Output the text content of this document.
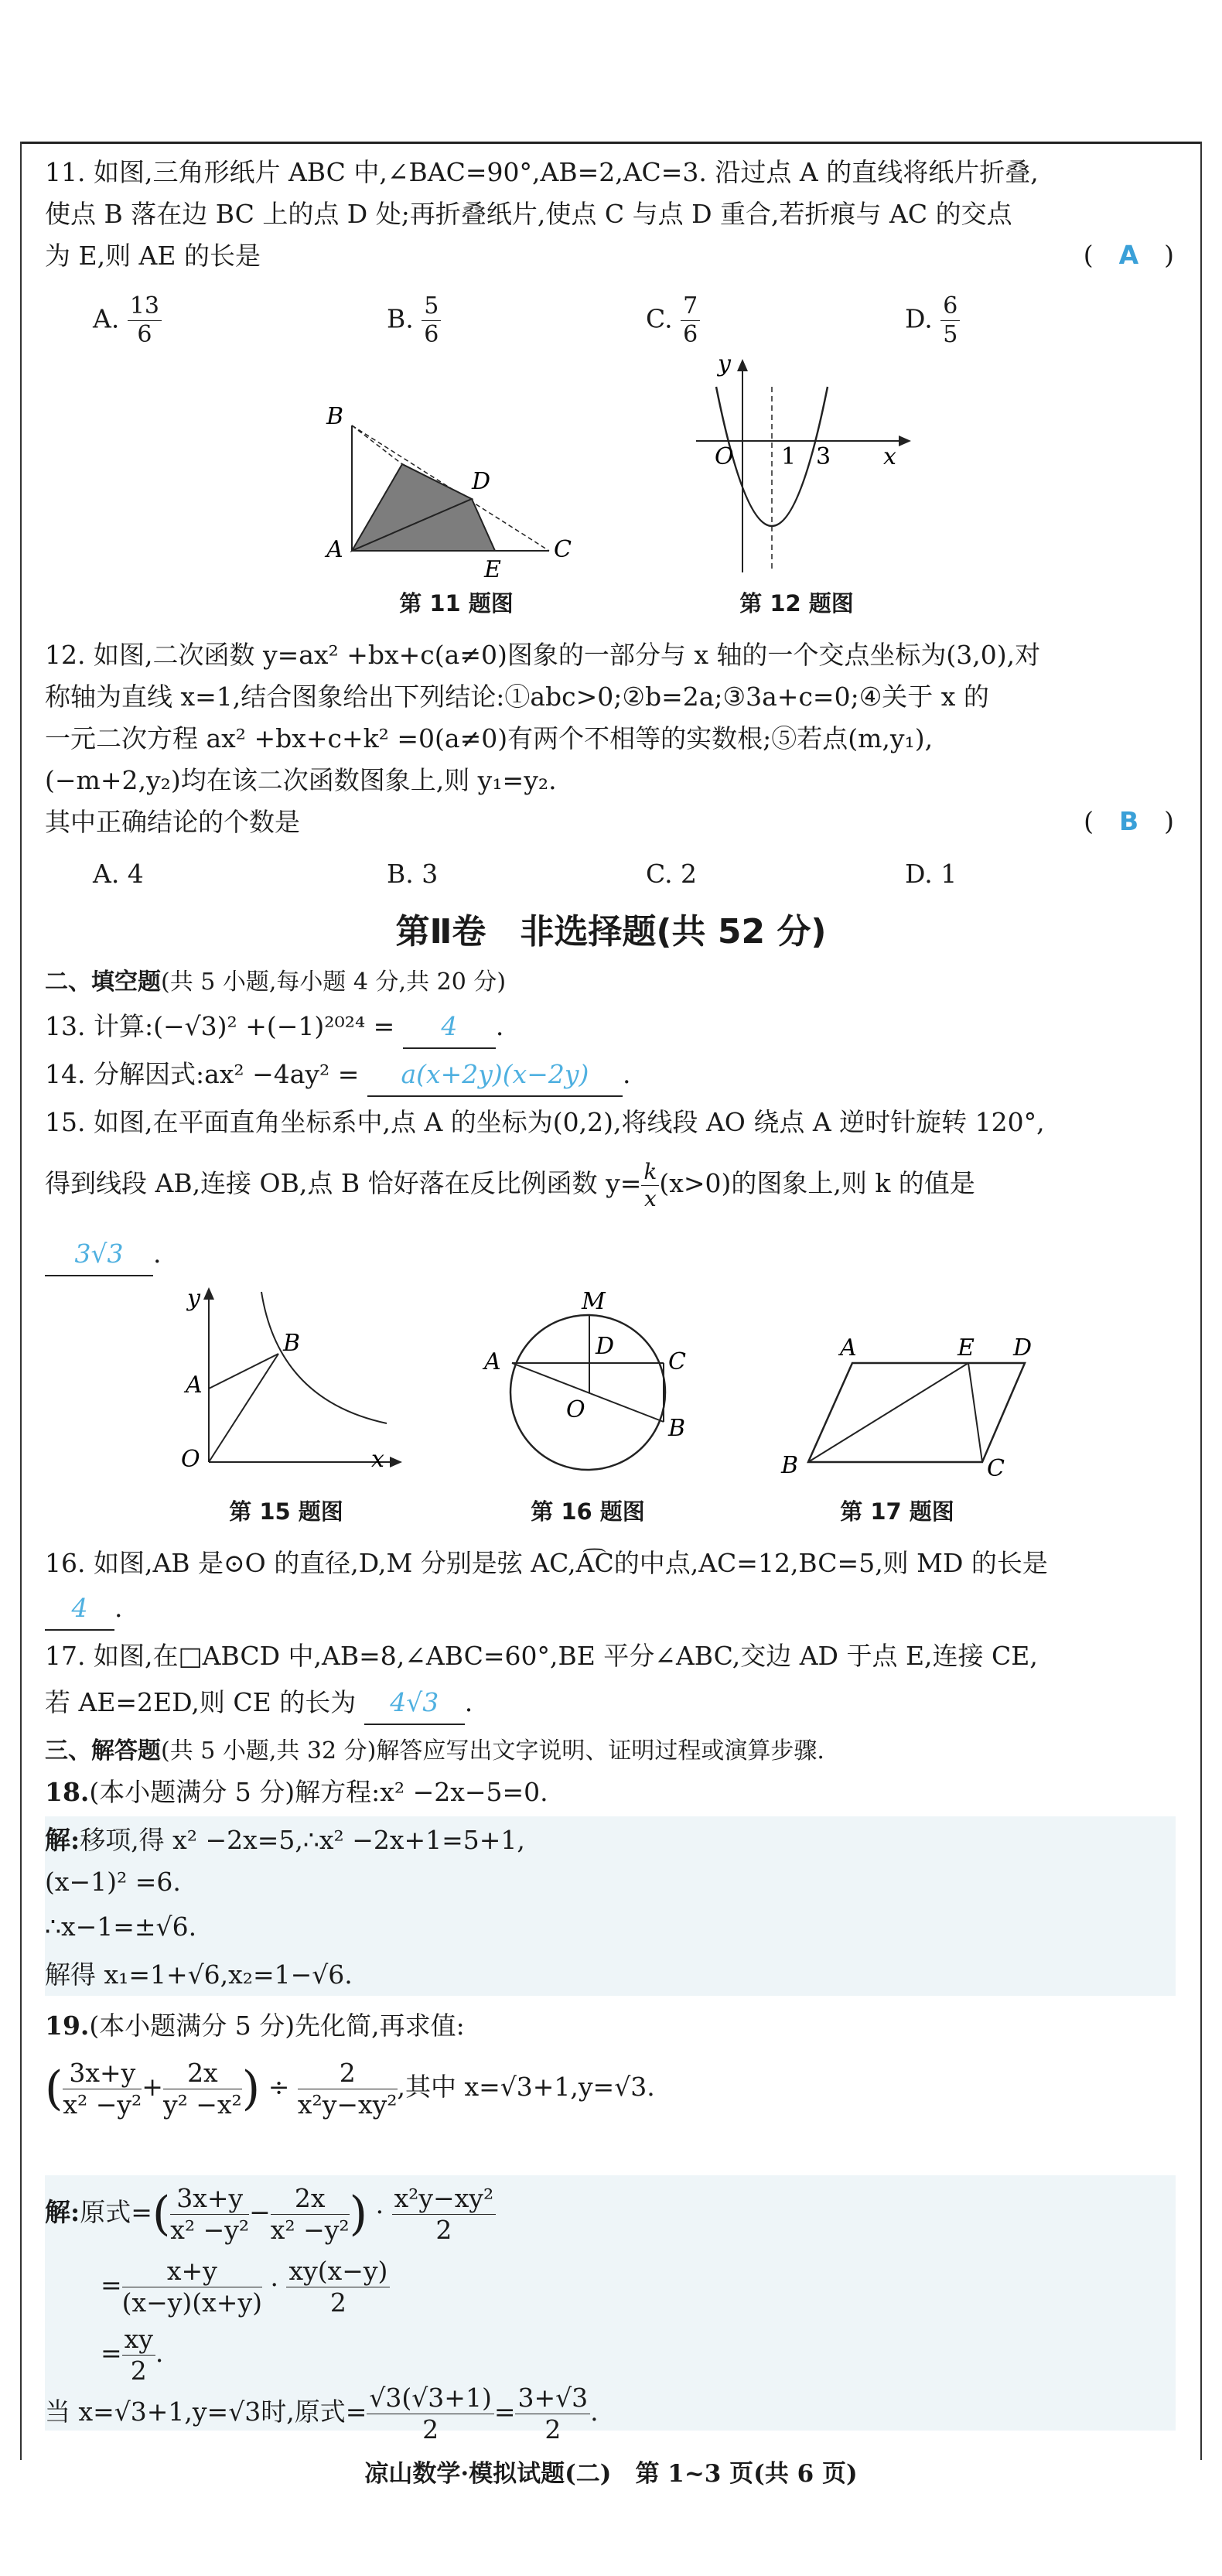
11. 如图,三角形纸片 ABC 中,∠BAC=90°,AB=2,AC=3. 沿过点 A 的直线将纸片折叠,
使点 B 落在边 BC 上的点 D 处;再折叠纸片,使点 C 与点 D 重合,若折痕与 AC 的交点
为 E,则 AE 的长是	(　A　)
A. $\frac{13}{6}$	B. $\frac{5}{6}$	C. $\frac{7}{6}$	D. $\frac{6}{5}$
B
D
A
E
C
第 11 题图
y
O 1 3 x
第 12 题图
12. 如图,二次函数 y=ax² +bx+c(a≠0)图象的一部分与 x 轴的一个交点坐标为(3,0),对
称轴为直线 x=1,结合图象给出下列结论:①abc>0;②b=2a;③3a+c=0;④关于 x 的
一元二次方程 ax² +bx+c+k² =0(a≠0)有两个不相等的实数根;⑤若点(m,y₁),
(−m+2,y₂)均在该二次函数图象上,则 y₁=y₂.
其中正确结论的个数是	(　B　)
A. 4	B. 3	C. 2	D. 1
第Ⅱ卷　非选择题(共 52 分)
二、填空题(共 5 小题,每小题 4 分,共 20 分)
13. 计算:(−√3)² +(−1)²⁰²⁴ = 4 .
14. 分解因式:ax² −4ay² = a(x+2y)(x−2y) .
15. 如图,在平面直角坐标系中,点 A 的坐标为(0,2),将线段 AO 绕点 A 逆时针旋转 120°,
得到线段 AB,连接 OB,点 B 恰好落在反比例函数 $y= \frac{k}{x} (x>0)$的图象上,则 k 的值是
3√3 .
y
B
A
O	x
第 15 题图
M
D
A	C
O
B
第 16 题图
A	E D
B	C
第 17 题图
16. 如图,AB 是⊙O 的直径,D,M 分别是弦 AC,A͡C的中点,AC=12,BC=5,则 MD 的长是
4 .
17. 如图,在□ABCD 中,AB=8,∠ABC=60°,BE 平分∠ABC,交边 AD 于点 E,连接 CE,
若 AE=2ED,则 CE 的长为 4√3 .
三、解答题(共 5 小题,共 32 分)解答应写出文字说明、证明过程或演算步骤.
18.(本小题满分 5 分)解方程:x² −2x−5=0.
解:移项,得 x² −2x=5,∴x² −2x+1=5+1,
(x−1)² =6.
∴x−1=±√6.
解得 x₁=1+√6,x₂=1−√6.
19.(本小题满分 5 分)先化简,再求值:
( $\frac{3x+y}{\text{x² −y²}} + \frac{2x}{\text{y² −x²}}$ ) ÷ $\frac{2}{\text{x²y−xy²}}$ ,其中 x=√3+1,y=√3.
解:原式=( $\frac{3x+y}{\text{x² −y²}} - \frac{2x}{\text{x² −y²}}$ ) · $\frac{\text{x²y−xy²}}{2}$
= $\frac{x+y}{(x-y)(x+y)} \cdot \frac{xy(x-y)}{2}$
= $\frac{xy}{2}$ .
当 x=√3+1,y=√3时,原式= $\frac{√3(√3+1)}{2} = \frac{3+√3}{2}$ .
凉山数学·模拟试题(二)　第 1~3 页(共 6 页)
